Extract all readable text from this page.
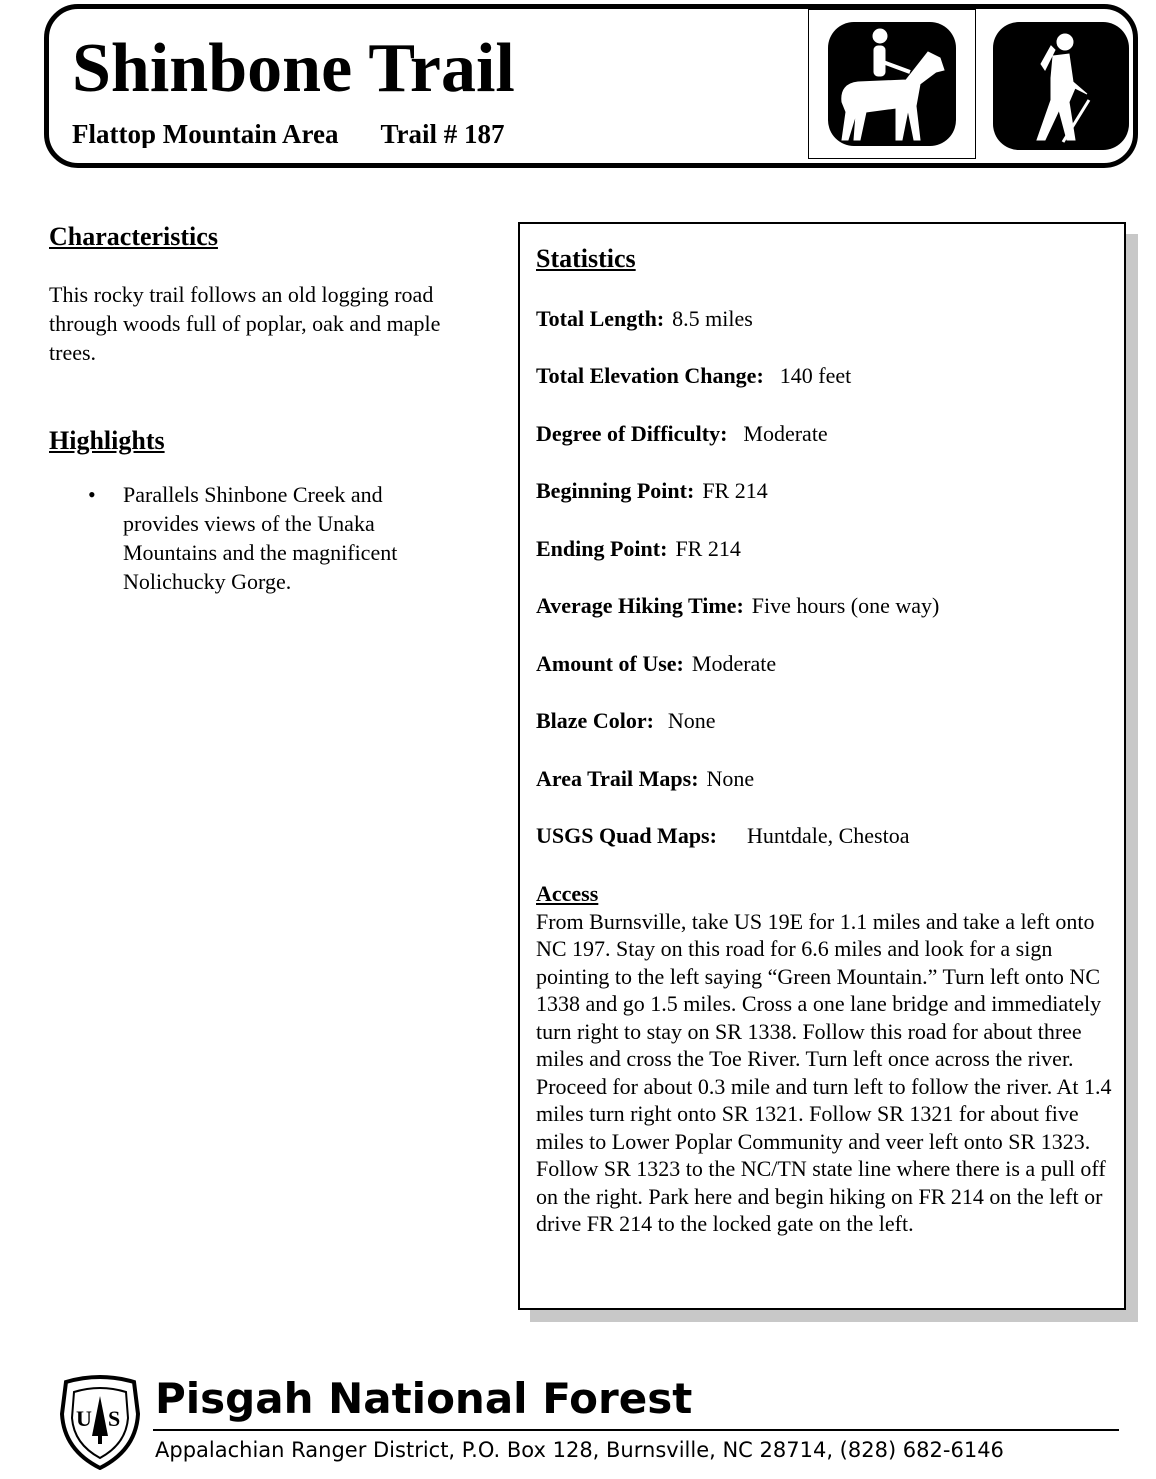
Shinbone Trail
Flattop Mountain Area Trail # 187
Characteristics
This rocky trail follows an old logging road through woods full of poplar, oak and maple trees.
Highlights
• Parallels Shinbone Creek and provides views of the Unaka Mountains and the magnificent Nolichucky Gorge.
Statistics
Total Length: 8.5 miles
Total Elevation Change: 140 feet
Degree of Difficulty: Moderate
Beginning Point: FR 214
Ending Point: FR 214
Average Hiking Time: Five hours (one way)
Amount of Use: Moderate
Blaze Color: None
Area Trail Maps: None
USGS Quad Maps: Huntdale, Chestoa
Access
From Burnsville, take US 19E for 1.1 miles and take a left onto NC 197. Stay on this road for 6.6 miles and look for a sign pointing to the left saying “Green Mountain.” Turn left onto NC 1338 and go 1.5 miles. Cross a one lane bridge and immediately turn right to stay on SR 1338. Follow this road for about three miles and cross the Toe River. Turn left once across the river. Proceed for about 0.3 mile and turn left to follow the river. At 1.4 miles turn right onto SR 1321. Follow SR 1321 for about five miles to Lower Poplar Community and veer left onto SR 1323. Follow SR 1323 to the NC/TN state line where there is a pull off on the right. Park here and begin hiking on FR 214 on the left or drive FR 214 to the locked gate on the left.
U S Pisgah National Forest
Appalachian Ranger District, P.O. Box 128, Burnsville, NC 28714, (828) 682-6146
